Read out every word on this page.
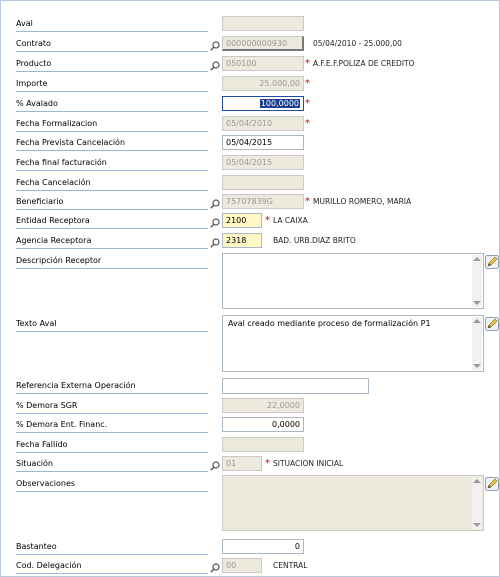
Aval
Contrato	000000000930	05/04/2010 - 25.000,00
Producto	050100	* A.F.E.F.POLIZA DE CREDITO
Importe	25.000,00 *
% Avalado	100,0000 *
Fecha Formalizacion	05/04/2010	*
Fecha Prevista Cancelación	05/04/2015
Fecha final facturación	05/04/2015
Fecha Cancelación
Beneficiario	75707839G	* MURILLO ROMERO, MARIA
Entidad Receptora	2100	* LA CAIXA
Agencia Receptora	2318	BAD. URB.DIAZ BRITO
Descripción Receptor
Texto Aval	Aval creado mediante proceso de formalización P1
Referencia Externa Operación
% Demora SGR	22,0000
% Demora Ent. Financ.	0,0000
Fecha Fallido
Situación	01	* SITUACION INICIAL
Observaciones
Bastanteo	0
Cod. Delegación	00	CENTRAL
